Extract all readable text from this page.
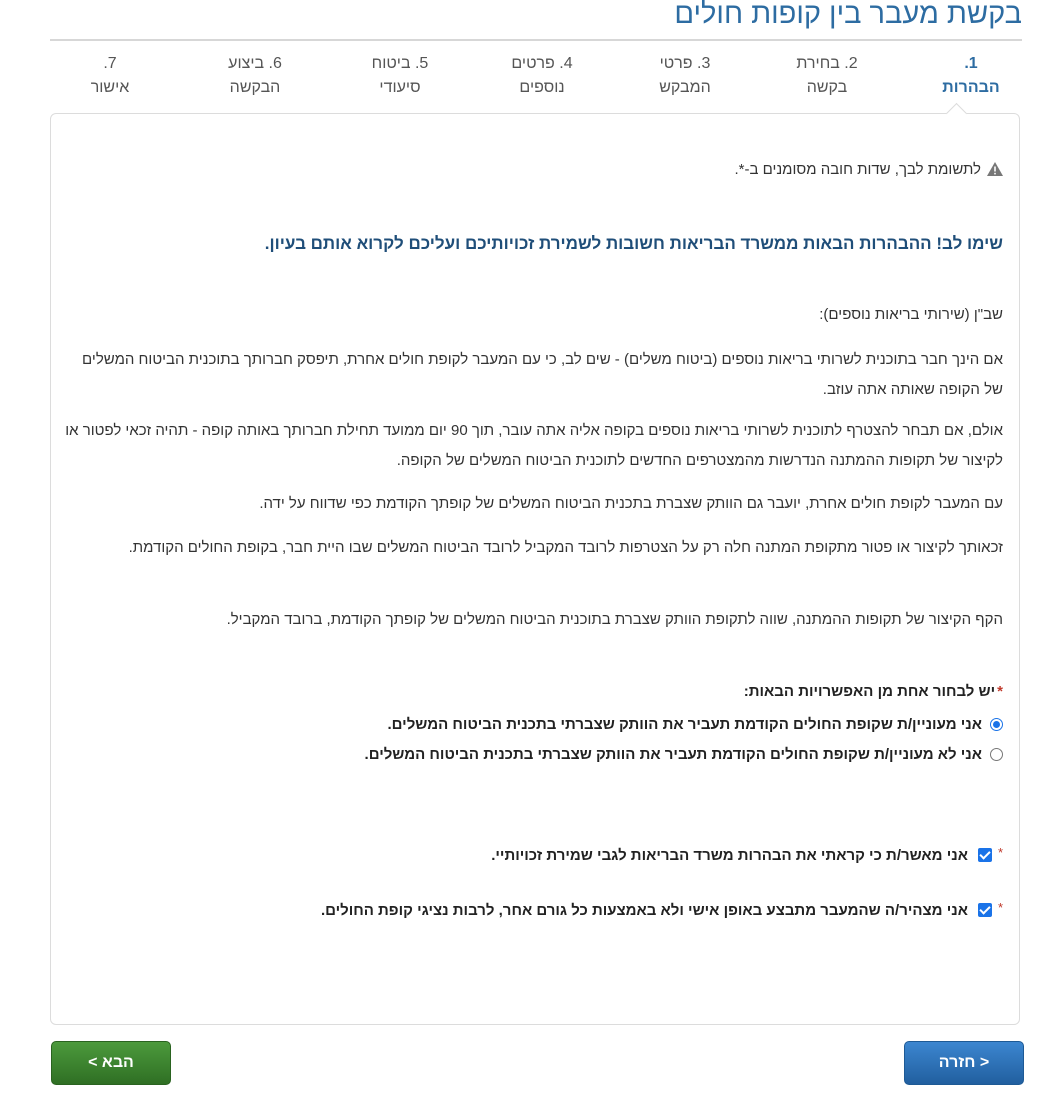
בקשת מעבר בין קופות חולים
1.
הבהרות
2. בחירת
בקשה
3. פרטי
המבקש
4. פרטים
נוספים
5. ביטוח
סיעודי
6. ביצוע
הבקשה
7.
אישור
לתשומת לבך, שדות חובה מסומנים ב-*.
שימו לב! ההבהרות הבאות ממשרד הבריאות חשובות לשמירת זכויותיכם ועליכם לקרוא אותם בעיון.
שב"ן (שירותי בריאות נוספים):
אם הינך חבר בתוכנית לשרותי בריאות נוספים (ביטוח משלים) - שים לב, כי עם המעבר לקופת חולים אחרת, תיפסק חברותך בתוכנית הביטוח המשלים של הקופה שאותה אתה עוזב.
אולם, אם תבחר להצטרף לתוכנית לשרותי בריאות נוספים בקופה אליה אתה עובר, תוך 90 יום ממועד תחילת חברותך באותה קופה - תהיה זכאי לפטור או לקיצור של תקופות ההמתנה הנדרשות מהמצטרפים החדשים לתוכנית הביטוח המשלים של הקופה.
עם המעבר לקופת חולים אחרת, יועבר גם הוותק שצברת בתכנית הביטוח המשלים של קופתך הקודמת כפי שדווח על ידה.
זכאותך לקיצור או פטור מתקופת המתנה חלה רק על הצטרפות לרובד המקביל לרובד הביטוח המשלים שבו היית חבר, בקופת החולים הקודמת.
הקף הקיצור של תקופות ההמתנה, שווה לתקופת הוותק שצברת בתוכנית הביטוח המשלים של קופתך הקודמת, ברובד המקביל.
*יש לבחור אחת מן האפשרויות הבאות:
אני מעוניין/ת שקופת החולים הקודמת תעביר את הוותק שצברתי בתכנית הביטוח המשלים.
אני לא מעוניין/ת שקופת החולים הקודמת תעביר את הוותק שצברתי בתכנית הביטוח המשלים.
*אני מאשר/ת כי קראתי את הבהרות משרד הבריאות לגבי שמירת זכויותיי.
*אני מצהיר/ה שהמעבר מתבצע באופן אישי ולא באמצעות כל גורם אחר, לרבות נציגי קופת החולים.
הבא >	< חזרה
